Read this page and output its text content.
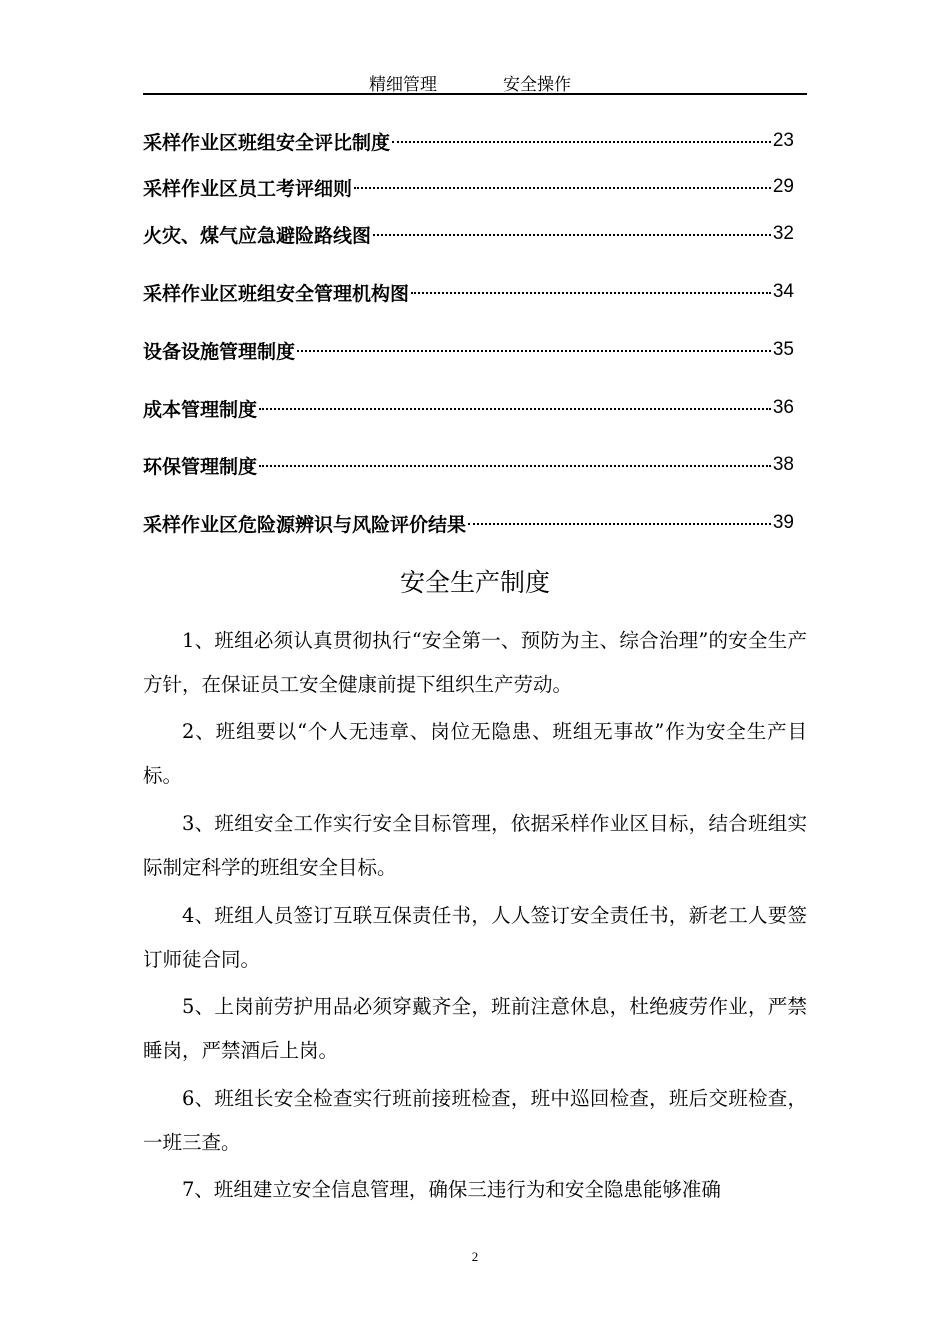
精细管理	安全操作
采样作业区班组安全评比制度	23
采样作业区员工考评细则	29
火灾、煤气应急避险路线图	32
采样作业区班组安全管理机构图	34
设备设施管理制度	35
成本管理制度	36
环保管理制度	38
采样作业区危险源辨识与风险评价结果	39
安全生产制度

1、班组必须认真贯彻执行“安全第一、预防为主、综合治理”的安全生产方针，在保证员工安全健康前提下组织生产劳动。

2、班组要以“个人无违章、岗位无隐患、班组无事故”作为安全生产目标。

3、班组安全工作实行安全目标管理，依据采样作业区目标，结合班组实际制定科学的班组安全目标。

4、班组人员签订互联互保责任书，人人签订安全责任书，新老工人要签订师徒合同。

5、上岗前劳护用品必须穿戴齐全，班前注意休息，杜绝疲劳作业，严禁睡岗，严禁酒后上岗。

6、班组长安全检查实行班前接班检查，班中巡回检查，班后交班检查，一班三查。

7、班组建立安全信息管理，确保三违行为和安全隐患能够准确

2
